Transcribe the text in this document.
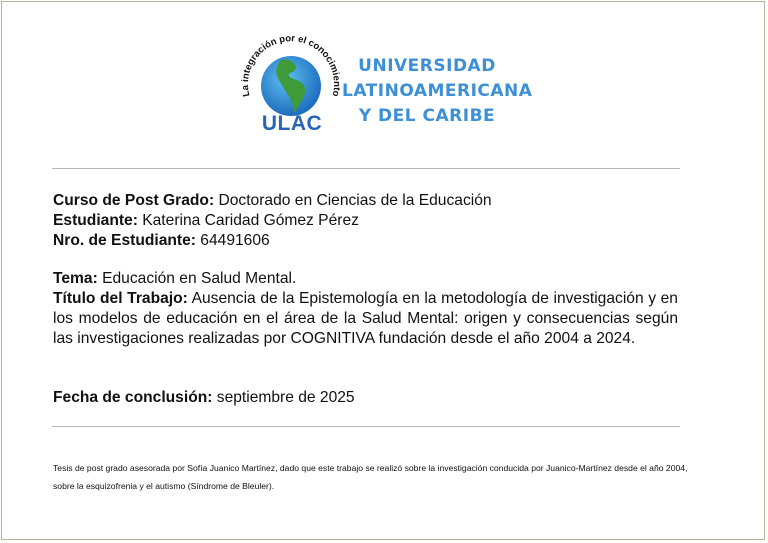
La integración por el conocimiento
ULAC
UNIVERSIDAD
LATINOAMERICANA
Y DEL CARIBE
Curso de Post Grado: Doctorado en Ciencias de la Educación
Estudiante: Katerina Caridad Gómez Pérez
Nro. de Estudiante: 64491606
Tema: Educación en Salud Mental.
Título del Trabajo: Ausencia de la Epistemología en la metodología de investigación y en los modelos de educación en el área de la Salud Mental: origen y consecuencias según las investigaciones realizadas por COGNITIVA fundación desde el año 2004 a 2024.
Fecha de conclusión: septiembre de 2025
Tesis de post grado asesorada por Sofía Juanico Martínez, dado que este trabajo se realizó sobre la investigación conducida por Juanico-Martínez desde el año 2004, sobre la esquizofrenia y el autismo (Síndrome de Bleuler).
